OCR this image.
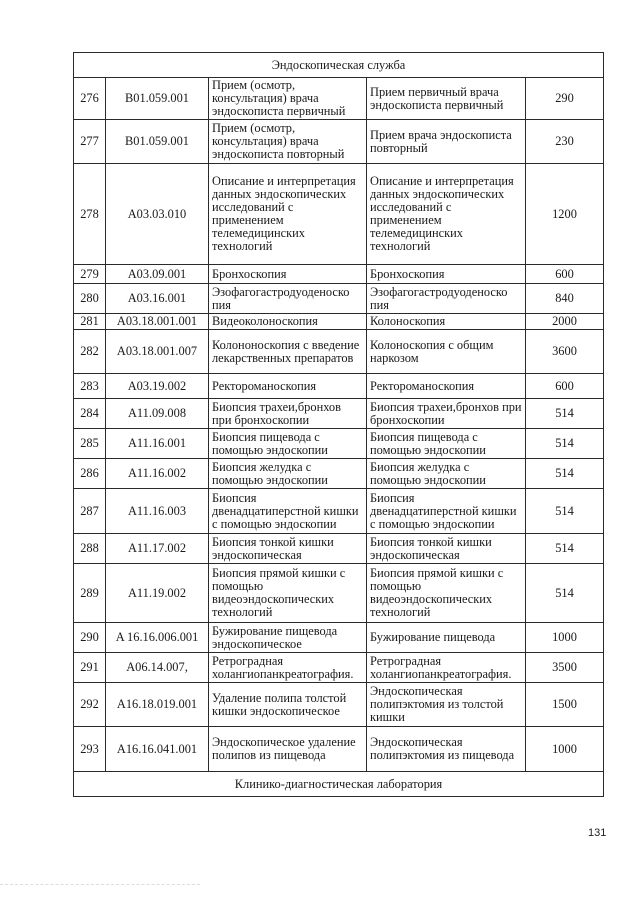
Эндоскопическая служба				
276	B01.059.001	Прием (осмотр, консультация) врача эндоскописта первичный	Прием первичный врача эндоскописта первичный	290
277	B01.059.001	Прием (осмотр, консультация) врача эндоскописта повторный	Прием врача эндоскописта повторный	230
278	A03.03.010	Описание и интерпретация данных эндоскопических исследований с применением телемедицинских технологий	Описание и интерпретация данных эндоскопических исследований с применением телемедицинских технологий	1200
279	A03.09.001	Бронхоскопия	Бронхоскопия	600
280	A03.16.001	Эзофагогастродуоденоско пия	Эзофагогастродуоденоско пия	840
281	A03.18.001.001	Видеоколоноскопия	Колоноскопия	2000
282	A03.18.001.007	Колононоскопия с введение лекарственных препаратов	Колоноскопия с общим наркозом	3600
283	A03.19.002	Ректороманоскопия	Ректороманоскопия	600
284	A11.09.008	Биопсия трахеи,бронхов при бронхоскопии	Биопсия трахеи,бронхов при бронхоскопии	514
285	A11.16.001	Биопсия пищевода с помощью эндоскопии	Биопсия пищевода с помощью эндоскопии	514
286	A11.16.002	Биопсия желудка с помощью эндоскопии	Биопсия желудка с помощью эндоскопии	514
287	A11.16.003	Биопсия двенадцатиперстной кишки с помощью эндоскопии	Биопсия двенадцатиперстной кишки с помощью эндоскопии	514
288	A11.17.002	Биопсия тонкой кишки эндоскопическая	Биопсия тонкой кишки эндоскопическая	514
289	A11.19.002	Биопсия прямой кишки с помощью видеоэндоскопических технологий	Биопсия прямой кишки с помощью видеоэндоскопических технологий	514
290	A 16.16.006.001	Бужирование пищевода эндоскопическое	Бужирование пищевода	1000
291	A06.14.007,	Ретроградная холангиопанкреатография.	Ретроградная холангиопанкреатография.	3500
292	A16.18.019.001	Удаление полипа толстой кишки эндоскопическое	Эндоскопическая полипэктомия из толстой кишки	1500
293	A16.16.041.001	Эндоскопическое удаление полипов из пищевода	Эндоскопическая полипэктомия из пищевода	1000
Клинико-диагностическая лаборатория				
131
